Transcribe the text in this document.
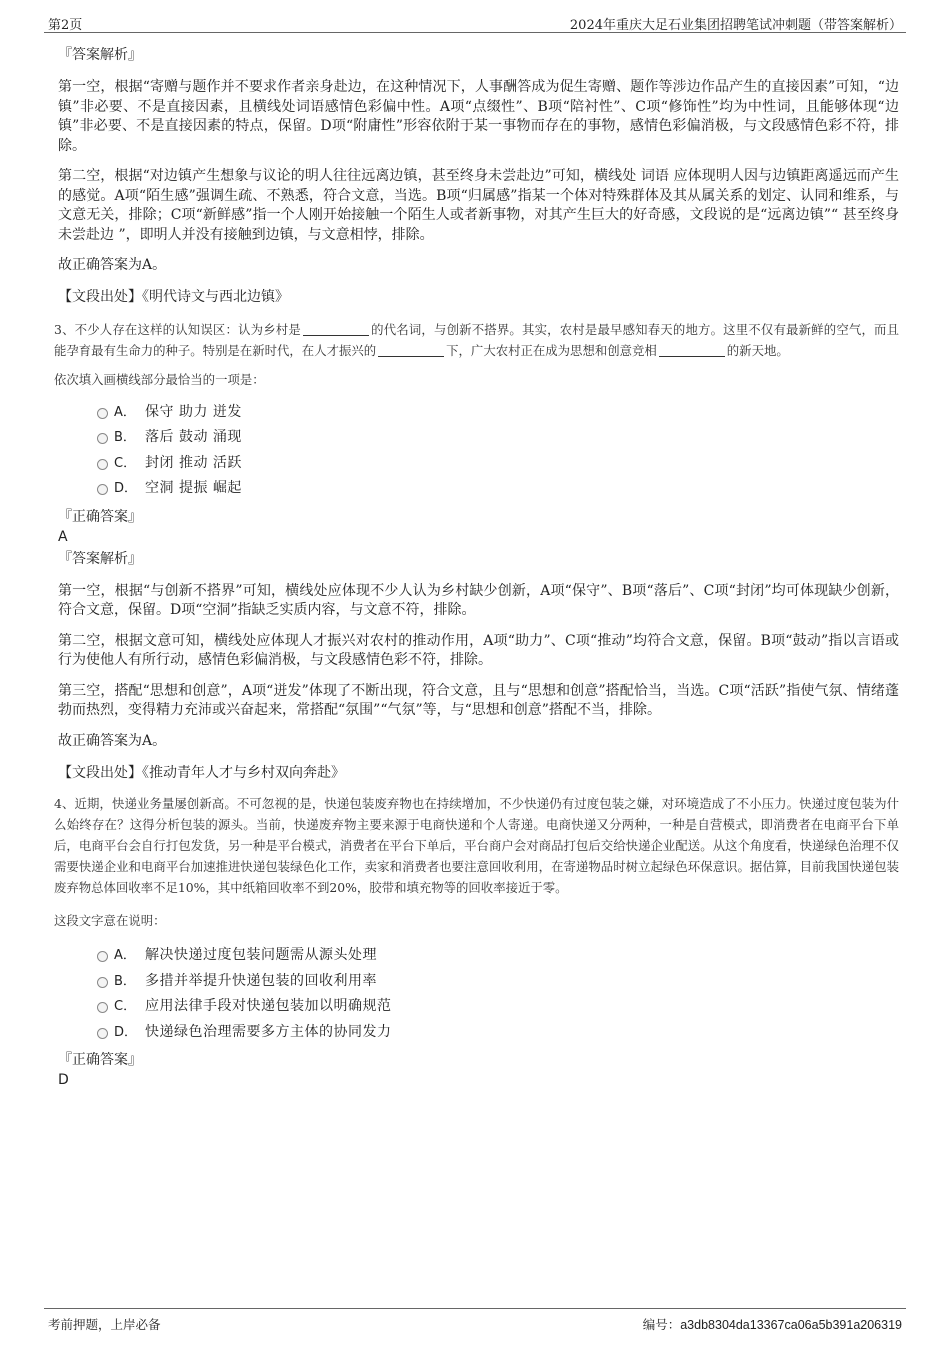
第2页	2024年重庆大足石业集团招聘笔试冲刺题（带答案解析）
『答案解析』

第一空，根据“寄赠与题作并不要求作者亲身赴边，在这种情况下，人事酬答成为促生寄赠、题作等涉边作品产生的直接因素”可知，“边镇”非必要、不是直接因素，且横线处词语感情色彩偏中性。A项“点缀性”、B项“陪衬性”、C项“修饰性”均为中性词，且能够体现“边镇”非必要、不是直接因素的特点，保留。D项“附庸性”形容依附于某一事物而存在的事物，感情色彩偏消极，与文段感情色彩不符，排除。

第二空，根据“对边镇产生想象与议论的明人往往远离边镇，甚至终身未尝赴边”可知，横线处 词语 应体现明人因与边镇距离遥远而产生的感觉。A项“陌生感”强调生疏、不熟悉，符合文意，当选。B项“归属感”指某一个体对特殊群体及其从属关系的划定、认同和维系，与文意无关，排除；C项“新鲜感”指一个人刚开始接触一个陌生人或者新事物，对其产生巨大的好奇感，文段说的是“远离边镇”“ 甚至终身未尝赴边 ”，即明人并没有接触到边镇，与文意相悖，排除。

故正确答案为A。

【文段出处】《明代诗文与西北边镇》

3、不少人存在这样的认知误区：认为乡村是	的代名词，与创新不搭界。其实，农村是最早感知春天的地方。这里不仅有最新鲜的空气，而且能孕育最有生命力的种子。特别是在新时代，在人才振兴的	下，广大农村正在成为思想和创意竞相	的新天地。

依次填入画横线部分最恰当的一项是：

A． 保守 助力 迸发
B． 落后 鼓动 涌现
C． 封闭 推动 活跃
D． 空洞 提振 崛起
『正确答案』
A
『答案解析』

第一空，根据“与创新不搭界”可知，横线处应体现不少人认为乡村缺少创新，A项“保守”、B项“落后”、C项“封闭”均可体现缺少创新，符合文意，保留。D项“空洞”指缺乏实质内容，与文意不符，排除。

第二空，根据文意可知，横线处应体现人才振兴对农村的推动作用，A项“助力”、C项“推动”均符合文意，保留。B项“鼓动”指以言语或行为使他人有所行动，感情色彩偏消极，与文段感情色彩不符，排除。

第三空，搭配“思想和创意”，A项“迸发”体现了不断出现，符合文意，且与“思想和创意”搭配恰当，当选。C项“活跃”指使气氛、情绪蓬勃而热烈，变得精力充沛或兴奋起来，常搭配“氛围”“气氛”等，与“思想和创意”搭配不当，排除。

故正确答案为A。

【文段出处】《推动青年人才与乡村双向奔赴》

4、近期，快递业务量屡创新高。不可忽视的是，快递包装废弃物也在持续增加，不少快递仍有过度包装之嫌，对环境造成了不小压力。快递过度包装为什么始终存在？这得分析包装的源头。当前，快递废弃物主要来源于电商快递和个人寄递。电商快递又分两种，一种是自营模式，即消费者在电商平台下单后，电商平台会自行打包发货，另一种是平台模式，消费者在平台下单后，平台商户会对商品打包后交给快递企业配送。从这个角度看，快递绿色治理不仅需要快递企业和电商平台加速推进快递包装绿色化工作，卖家和消费者也要注意回收利用，在寄递物品时树立起绿色环保意识。据估算，目前我国快递包装废弃物总体回收率不足10%，其中纸箱回收率不到20%，胶带和填充物等的回收率接近于零。

这段文字意在说明：

A． 解决快递过度包装问题需从源头处理
B． 多措并举提升快递包装的回收利用率
C． 应用法律手段对快递包装加以明确规范
D． 快递绿色治理需要多方主体的协同发力
『正确答案』
D
考前押题，上岸必备	编号：a3db8304da13367ca06a5b391a206319
